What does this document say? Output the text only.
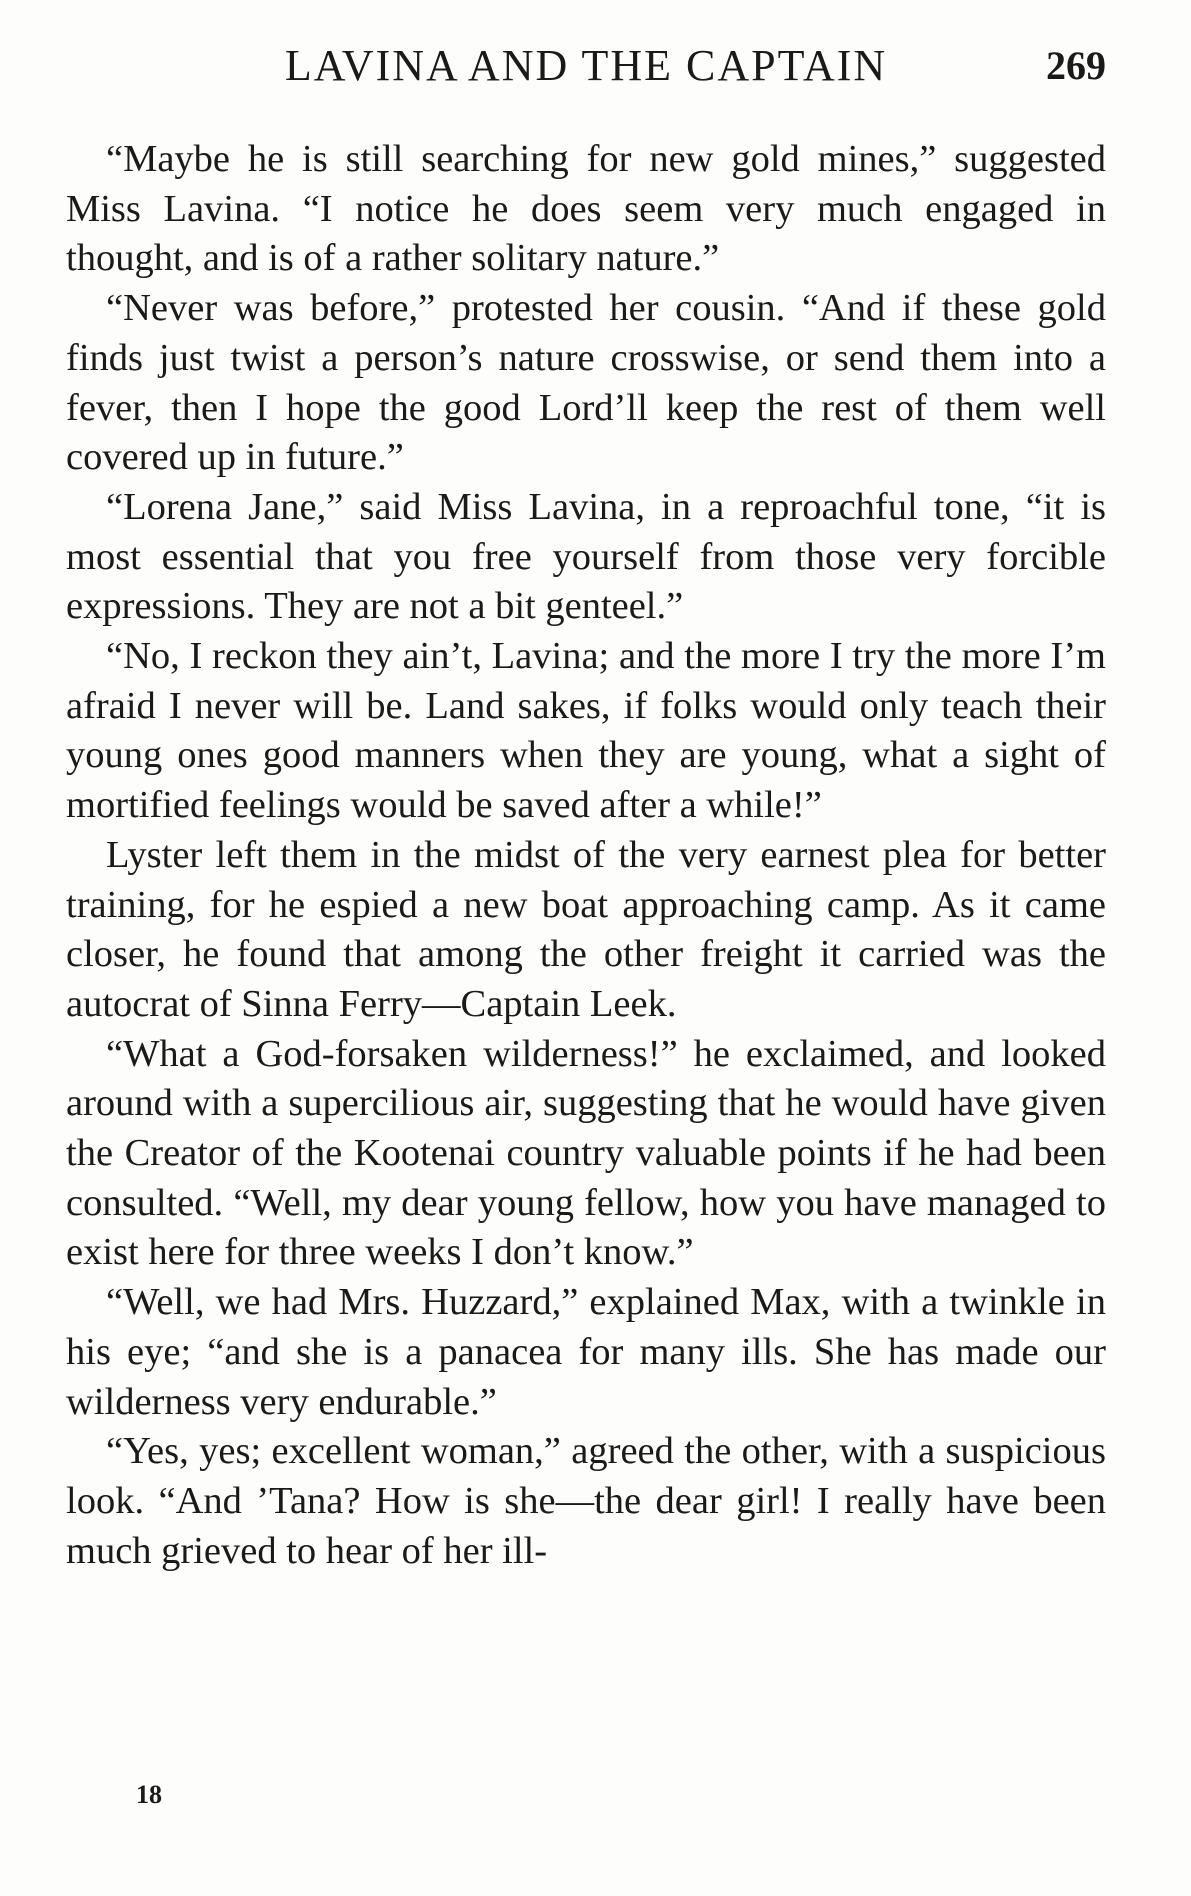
LAVINA AND THE CAPTAIN	269

“Maybe he is still searching for new gold mines,” suggested Miss Lavina. “I notice he does seem very much engaged in thought, and is of a rather solitary nature.”

“Never was before,” protested her cousin. “And if these gold finds just twist a person’s nature crosswise, or send them into a fever, then I hope the good Lord’ll keep the rest of them well covered up in future.”

“Lorena Jane,” said Miss Lavina, in a reproachful tone, “it is most essential that you free yourself from those very forcible expressions. They are not a bit genteel.”

“No, I reckon they ain’t, Lavina; and the more I try the more I’m afraid I never will be. Land sakes, if folks would only teach their young ones good manners when they are young, what a sight of mortified feelings would be saved after a while!”

Lyster left them in the midst of the very earnest plea for better training, for he espied a new boat approaching camp. As it came closer, he found that among the other freight it carried was the autocrat of Sinna Ferry—Captain Leek.

“What a God-forsaken wilderness!” he exclaimed, and looked around with a supercilious air, suggesting that he would have given the Creator of the Kootenai country valuable points if he had been consulted. “Well, my dear young fellow, how you have managed to exist here for three weeks I don’t know.”

“Well, we had Mrs. Huzzard,” explained Max, with a twinkle in his eye; “and she is a panacea for many ills. She has made our wilderness very endurable.”

“Yes, yes; excellent woman,” agreed the other, with a suspicious look. “And ’Tana? How is she—the dear girl! I really have been much grieved to hear of her ill-

18
